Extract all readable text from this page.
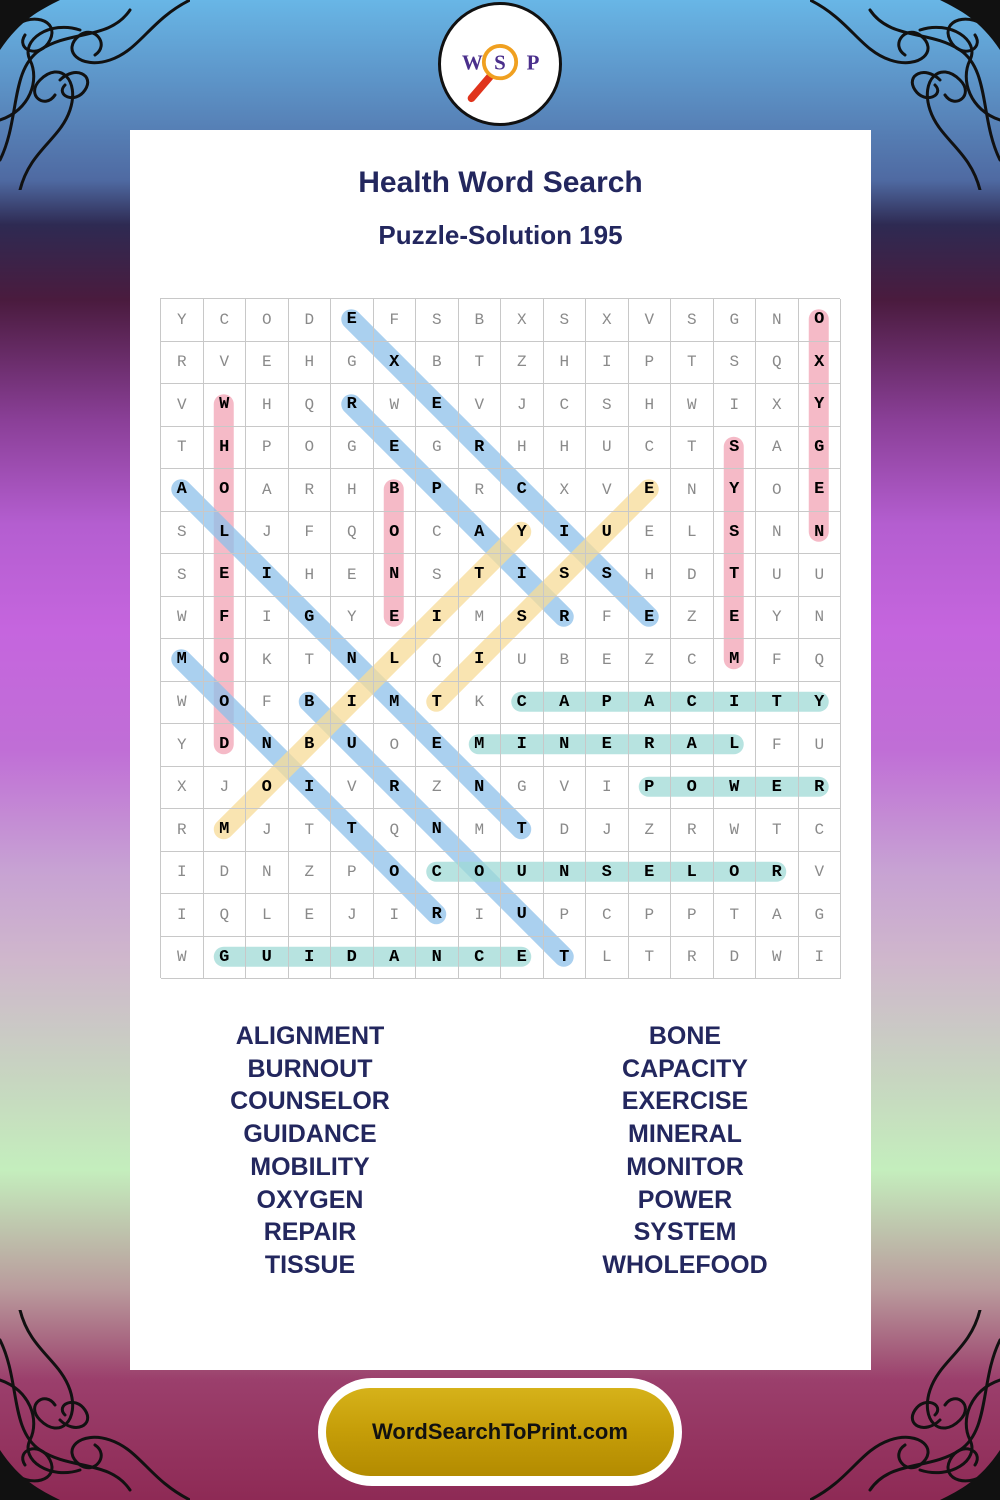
W S P
Health Word Search
Puzzle-Solution 195
Y	C	O	D	E	F	S	B	X	S	X	V	S	G	N	O
R	V	E	H	G	X	B	T	Z	H	I	P	T	S	Q	X
V	W	H	Q	R	W	E	V	J	C	S	H	W	I	X	Y
T	H	P	O	G	E	G	R	H	H	U	C	T	S	A	G
A	O	A	R	H	B	P	R	C	X	V	E	N	Y	O	E
S	L	J	F	Q	O	C	A	Y	I	U	E	L	S	N	N
S	E	I	H	E	N	S	T	I	S	S	H	D	T	U	U
W	F	I	G	Y	E	I	M	S	R	F	E	Z	E	Y	N
M	O	K	T	N	L	Q	I	U	B	E	Z	C	M	F	Q
W	O	F	B	I	M	T	K	C	A	P	A	C	I	T	Y
Y	D	N	B	U	O	E	M	I	N	E	R	A	L	F	U
X	J	O	I	V	R	Z	N	G	V	I	P	O	W	E	R
R	M	J	T	T	Q	N	M	T	D	J	Z	R	W	T	C
I	D	N	Z	P	O	C	O	U	N	S	E	L	O	R	V
I	Q	L	E	J	I	R	I	U	P	C	P	P	T	A	G
W	G	U	I	D	A	N	C	E	T	L	T	R	D	W	I
ALIGNMENT
BURNOUT
COUNSELOR
GUIDANCE
MOBILITY
OXYGEN
REPAIR
TISSUE
BONE
CAPACITY
EXERCISE
MINERAL
MONITOR
POWER
SYSTEM
WHOLEFOOD
WordSearchToPrint.com
